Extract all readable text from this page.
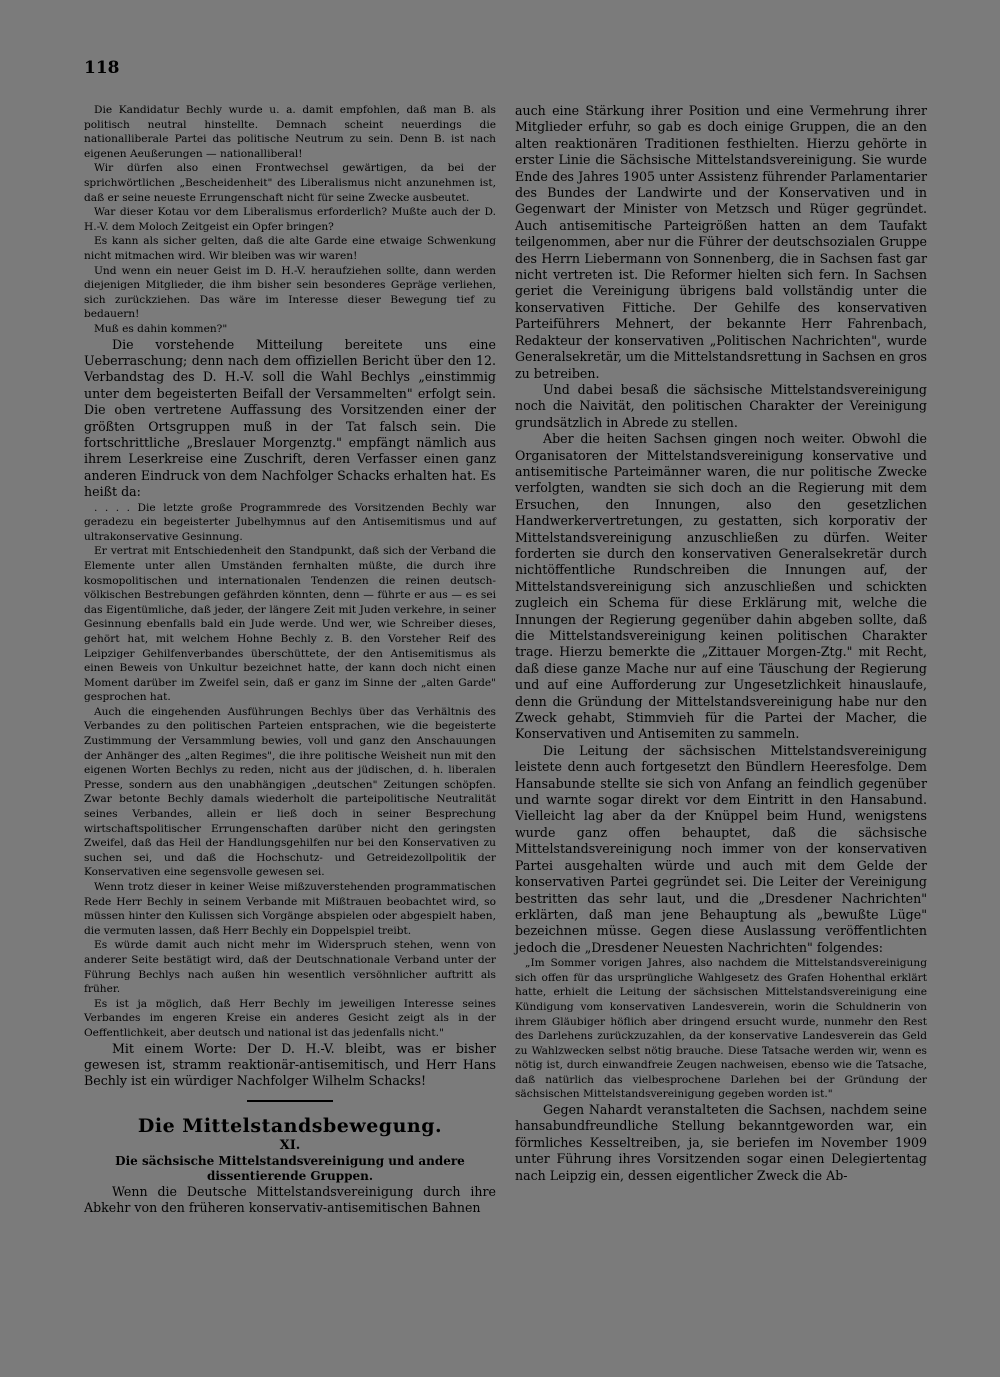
118

Die Kandidatur Bechly wurde u. a. damit empfohlen, daß man B. als politisch neutral hinstellte. Demnach scheint neuerdings die nationalliberale Partei das politische Neutrum zu sein. Denn B. ist nach eigenen Aeußerungen — nationalliberal!

Wir dürfen also einen Frontwechsel gewärtigen, da bei der sprichwörtlichen „Bescheidenheit" des Liberalismus nicht anzunehmen ist, daß er seine neueste Errungenschaft nicht für seine Zwecke ausbeutet.

War dieser Kotau vor dem Liberalismus erforderlich? Mußte auch der D. H.-V. dem Moloch Zeitgeist ein Opfer bringen?

Es kann als sicher gelten, daß die alte Garde eine etwaige Schwenkung nicht mitmachen wird. Wir bleiben was wir waren!

Und wenn ein neuer Geist im D. H.-V. heraufziehen sollte, dann werden diejenigen Mitglieder, die ihm bisher sein besonderes Gepräge verliehen, sich zurückziehen. Das wäre im Interesse dieser Bewegung tief zu bedauern!

Muß es dahin kommen?"

Die vorstehende Mitteilung bereitete uns eine Ueberraschung; denn nach dem offiziellen Bericht über den 12. Verbandstag des D. H.-V. soll die Wahl Bechlys „einstimmig unter dem begeisterten Beifall der Versammelten" erfolgt sein. Die oben vertretene Auffassung des Vorsitzenden einer der größten Ortsgruppen muß in der Tat falsch sein. Die fortschrittliche „Breslauer Morgenztg." empfängt nämlich aus ihrem Leserkreise eine Zuschrift, deren Verfasser einen ganz anderen Eindruck von dem Nachfolger Schacks erhalten hat. Es heißt da:

. . . . Die letzte große Programmrede des Vorsitzenden Bechly war geradezu ein begeisterter Jubelhymnus auf den Antisemitismus und auf ultrakonservative Gesinnung.

Er vertrat mit Entschiedenheit den Standpunkt, daß sich der Verband die Elemente unter allen Umständen fernhalten müßte, die durch ihre kosmopolitischen und internationalen Tendenzen die reinen deutsch-völkischen Bestrebungen gefährden könnten, denn — führte er aus — es sei das Eigentümliche, daß jeder, der längere Zeit mit Juden verkehre, in seiner Gesinnung ebenfalls bald ein Jude werde. Und wer, wie Schreiber dieses, gehört hat, mit welchem Hohne Bechly z. B. den Vorsteher Reif des Leipziger Gehilfenverbandes überschüttete, der den Antisemitismus als einen Beweis von Unkultur bezeichnet hatte, der kann doch nicht einen Moment darüber im Zweifel sein, daß er ganz im Sinne der „alten Garde" gesprochen hat.

Auch die eingehenden Ausführungen Bechlys über das Verhältnis des Verbandes zu den politischen Parteien entsprachen, wie die begeisterte Zustimmung der Versammlung bewies, voll und ganz den Anschauungen der Anhänger des „alten Regimes", die ihre politische Weisheit nun mit den eigenen Worten Bechlys zu reden, nicht aus der jüdischen, d. h. liberalen Presse, sondern aus den unabhängigen „deutschen" Zeitungen schöpfen. Zwar betonte Bechly damals wiederholt die parteipolitische Neutralität seines Verbandes, allein er ließ doch in seiner Besprechung wirtschaftspolitischer Errungenschaften darüber nicht den geringsten Zweifel, daß das Heil der Handlungsgehilfen nur bei den Konservativen zu suchen sei, und daß die Hochschutz- und Getreidezollpolitik der Konservativen eine segensvolle gewesen sei.

Wenn trotz dieser in keiner Weise mißzuverstehenden programmatischen Rede Herr Bechly in seinem Verbande mit Mißtrauen beobachtet wird, so müssen hinter den Kulissen sich Vorgänge abspielen oder abgespielt haben, die vermuten lassen, daß Herr Bechly ein Doppelspiel treibt.

Es würde damit auch nicht mehr im Widerspruch stehen, wenn von anderer Seite bestätigt wird, daß der Deutschnationale Verband unter der Führung Bechlys nach außen hin wesentlich versöhnlicher auftritt als früher.

Es ist ja möglich, daß Herr Bechly im jeweiligen Interesse seines Verbandes im engeren Kreise ein anderes Gesicht zeigt als in der Oeffentlichkeit, aber deutsch und national ist das jedenfalls nicht."

Mit einem Worte: Der D. H.-V. bleibt, was er bisher gewesen ist, stramm reaktionär-antisemitisch, und Herr Hans Bechly ist ein würdiger Nachfolger Wilhelm Schacks!

Die Mittelstandsbewegung.

XI.

Die sächsische Mittelstandsvereinigung und andere dissentierende Gruppen.

Wenn die Deutsche Mittelstandsvereinigung durch ihre Abkehr von den früheren konservativ-antisemitischen Bahnen

auch eine Stärkung ihrer Position und eine Vermehrung ihrer Mitglieder erfuhr, so gab es doch einige Gruppen, die an den alten reaktionären Traditionen festhielten. Hierzu gehörte in erster Linie die Sächsische Mittelstandsvereinigung. Sie wurde Ende des Jahres 1905 unter Assistenz führender Parlamentarier des Bundes der Landwirte und der Konservativen und in Gegenwart der Minister von Metzsch und Rüger gegründet. Auch antisemitische Parteigrößen hatten an dem Taufakt teilgenommen, aber nur die Führer der deutschsozialen Gruppe des Herrn Liebermann von Sonnenberg, die in Sachsen fast gar nicht vertreten ist. Die Reformer hielten sich fern. In Sachsen geriet die Vereinigung übrigens bald vollständig unter die konservativen Fittiche. Der Gehilfe des konservativen Parteiführers Mehnert, der bekannte Herr Fahrenbach, Redakteur der konservativen „Politischen Nachrichten", wurde Generalsekretär, um die Mittelstandsrettung in Sachsen en gros zu betreiben.

Und dabei besaß die sächsische Mittelstandsvereinigung noch die Naivität, den politischen Charakter der Vereinigung grundsätzlich in Abrede zu stellen.

Aber die heiten Sachsen gingen noch weiter. Obwohl die Organisatoren der Mittelstandsvereinigung konservative und antisemitische Parteimänner waren, die nur politische Zwecke verfolgten, wandten sie sich doch an die Regierung mit dem Ersuchen, den Innungen, also den gesetzlichen Handwerkervertretungen, zu gestatten, sich korporativ der Mittelstandsvereinigung anzuschließen zu dürfen. Weiter forderten sie durch den konservativen Generalsekretär durch nichtöffentliche Rundschreiben die Innungen auf, der Mittelstandsvereinigung sich anzuschließen und schickten zugleich ein Schema für diese Erklärung mit, welche die Innungen der Regierung gegenüber dahin abgeben sollte, daß die Mittelstandsvereinigung keinen politischen Charakter trage. Hierzu bemerkte die „Zittauer Morgen-Ztg." mit Recht, daß diese ganze Mache nur auf eine Täuschung der Regierung und auf eine Aufforderung zur Ungesetzlichkeit hinauslaufe, denn die Gründung der Mittelstandsvereinigung habe nur den Zweck gehabt, Stimmvieh für die Partei der Macher, die Konservativen und Antisemiten zu sammeln.

Die Leitung der sächsischen Mittelstandsvereinigung leistete denn auch fortgesetzt den Bündlern Heeresfolge. Dem Hansabunde stellte sie sich von Anfang an feindlich gegenüber und warnte sogar direkt vor dem Eintritt in den Hansabund. Vielleicht lag aber da der Knüppel beim Hund, wenigstens wurde ganz offen behauptet, daß die sächsische Mittelstandsvereinigung noch immer von der konservativen Partei ausgehalten würde und auch mit dem Gelde der konservativen Partei gegründet sei. Die Leiter der Vereinigung bestritten das sehr laut, und die „Dresdener Nachrichten" erklärten, daß man jene Behauptung als „bewußte Lüge" bezeichnen müsse. Gegen diese Auslassung veröffentlichten jedoch die „Dresdener Neuesten Nachrichten" folgendes:

„Im Sommer vorigen Jahres, also nachdem die Mittelstandsvereinigung sich offen für das ursprüngliche Wahlgesetz des Grafen Hohenthal erklärt hatte, erhielt die Leitung der sächsischen Mittelstandsvereinigung eine Kündigung vom konservativen Landesverein, worin die Schuldnerin von ihrem Gläubiger höflich aber dringend ersucht wurde, nunmehr den Rest des Darlehens zurückzuzahlen, da der konservative Landesverein das Geld zu Wahlzwecken selbst nötig brauche. Diese Tatsache werden wir, wenn es nötig ist, durch einwandfreie Zeugen nachweisen, ebenso wie die Tatsache, daß natürlich das vielbesprochene Darlehen bei der Gründung der sächsischen Mittelstandsvereinigung gegeben worden ist."

Gegen Nahardt veranstalteten die Sachsen, nachdem seine hansabundfreundliche Stellung bekanntgeworden war, ein förmliches Kesseltreiben, ja, sie beriefen im November 1909 unter Führung ihres Vorsitzenden sogar einen Delegiertentag nach Leipzig ein, dessen eigentlicher Zweck die Ab-
